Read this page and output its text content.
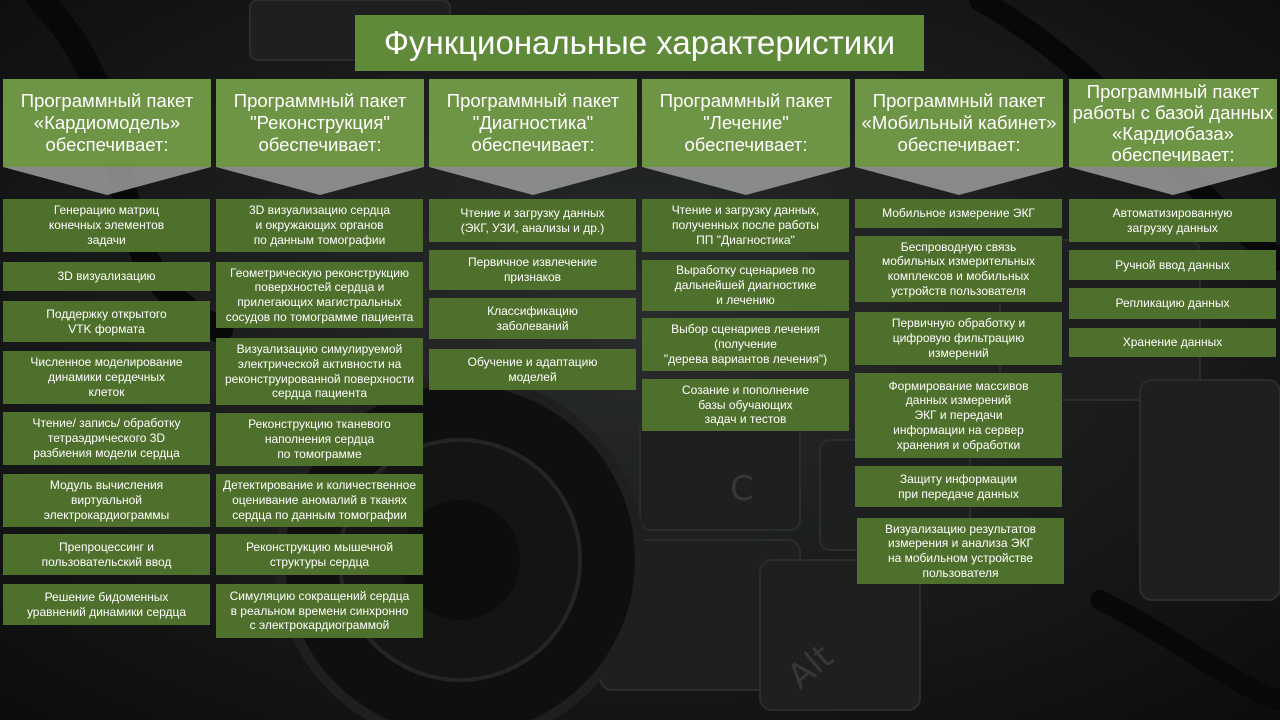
C
Alt
Функциональные характеристики
Программный пакет
«Кардиомодель»
обеспечивает:
Генерацию матриц
конечных элементов
задачи
3D визуализацию
Поддержку открытого
VTK формата
Численное моделирование
динамики сердечных
клеток
Чтение/ запись/ обработку
тетраэдрического 3D
разбиения модели сердца
Модуль вычисления
виртуальной
электрокардиограммы
Препроцессинг и
пользовательский ввод
Решение бидоменных
уравнений динамики сердца
Программный пакет
"Реконструкция"
обеспечивает:
3D визуализацию сердца
и окружающих органов
по данным томографии
Геометрическую реконструкцию
поверхностей сердца и
прилегающих магистральных
сосудов по томограмме пациента
Визуализацию симулируемой
электрической активности на
реконструированной поверхности
сердца пациента
Реконструкцию тканевого
наполнения сердца
по томограмме
Детектирование и количественное
оценивание аномалий в тканях
сердца по данным томографии
Реконструкцию мышечной
структуры сердца
Симуляцию сокращений сердца
в реальном времени синхронно
с электрокардиограммой
Программный пакет
"Диагностика"
обеспечивает:
Чтение и загрузку данных
(ЭКГ, УЗИ, анализы и др.)
Первичное извлечение
признаков
Классификацию
заболеваний
Обучение и адаптацию
моделей
Программный пакет
"Лечение"
обеспечивает:
Чтение и загрузку данных,
полученных после работы
ПП "Диагностика"
Выработку сценариев по
дальнейшей диагностике
и лечению
Выбор сценариев лечения
(получение
"дерева вариантов лечения")
Созание и пополнение
базы обучающих
задач и тестов
Программный пакет
«Мобильный кабинет»
обеспечивает:
Мобильное измерение ЭКГ
Беспроводную связь
мобильных измерительных
комплексов и мобильных
устройств пользователя
Первичную обработку и
цифровую фильтрацию
измерений
Формирование массивов
данных измерений
ЭКГ и передачи
информации на сервер
хранения и обработки
Защиту информации
при передаче данных
Визуализацию результатов
измерения и анализа ЭКГ
на мобильном устройстве
пользователя
Программный пакет
работы с базой данных
«Кардиобаза»
обеспечивает:
Автоматизированную
загрузку данных
Ручной ввод данных
Репликацию данных
Хранение данных
